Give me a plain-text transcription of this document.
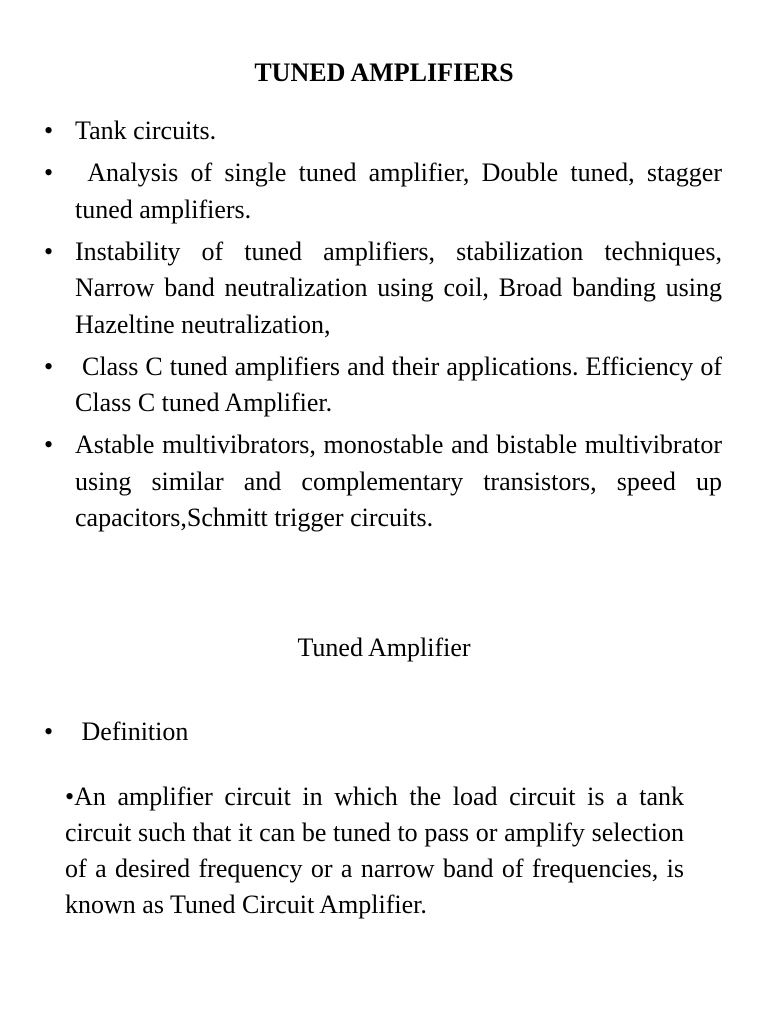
TUNED AMPLIFIERS
• Tank circuits.
• Analysis of single tuned amplifier, Double tuned, stagger tuned amplifiers.
• Instability of tuned amplifiers, stabilization techniques, Narrow band neutralization using coil, Broad banding using Hazeltine neutralization,
• Class C tuned amplifiers and their applications. Efficiency of Class C tuned Amplifier.
• Astable multivibrators, monostable and bistable multivibrator using similar and complementary transistors, speed up capacitors,Schmitt trigger circuits.
Tuned Amplifier
• Definition

•An amplifier circuit in which the load circuit is a tank circuit such that it can be tuned to pass or amplify selection of a desired frequency or a narrow band of frequencies, is known as Tuned Circuit Amplifier.
